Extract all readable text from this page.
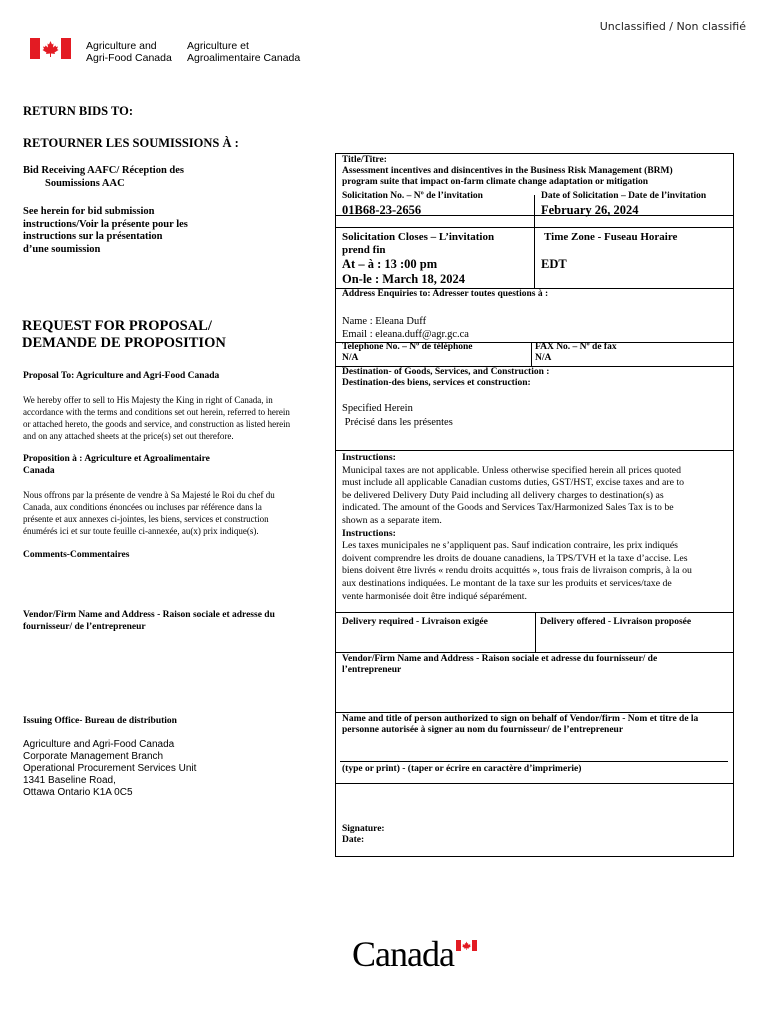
Unclassified / Non classifié
Agriculture and
Agri-Food Canada
Agriculture et
Agroalimentaire Canada
RETURN BIDS TO:
RETOURNER LES SOUMISSIONS À :
Bid Receiving AAFC/ Réception des
Soumissions AAC
See herein for bid submission
instructions/Voir la présente pour les
instructions sur la présentation
d’une soumission
REQUEST FOR PROPOSAL/
DEMANDE DE PROPOSITION
Proposal To: Agriculture and Agri-Food Canada
We hereby offer to sell to His Majesty the King in right of Canada, in
accordance with the terms and conditions set out herein, referred to herein
or attached hereto, the goods and service, and construction as listed herein
and on any attached sheets at the price(s) set out therefore.
Proposition à : Agriculture et Agroalimentaire
Canada
Nous offrons par la présente de vendre à Sa Majesté le Roi du chef du
Canada, aux conditions énoncées ou incluses par référence dans la
présente et aux annexes ci-jointes, les biens, services et construction
énumérés ici et sur toute feuille ci-annexée, au(x) prix indique(s).
Comments-Commentaires
Vendor/Firm Name and Address - Raison sociale et adresse du
fournisseur/ de l’entrepreneur
Issuing Office- Bureau de distribution
Agriculture and Agri-Food Canada
Corporate Management Branch
Operational Procurement Services Unit
1341 Baseline Road,
Ottawa Ontario K1A 0C5
Title/Titre:
Assessment incentives and disincentives in the Business Risk Management (BRM)
program suite that impact on-farm climate change adaptation or mitigation
Solicitation No. – Nº de l’invitation	Date of Solicitation – Date de l’invitation
01B68-23-2656	February 26, 2024
Solicitation Closes – L’invitation
prend fin
At – à : 13 :00 pm
On-le : March 18, 2024
Time Zone - Fuseau Horaire
EDT
Address Enquiries to: Adresser toutes questions à :
Name : Eleana Duff
Email : eleana.duff@agr.gc.ca
Telephone No. – Nº de téléphone
N/A
FAX No. – Nº de fax
N/A
Destination- of Goods, Services, and Construction :
Destination-des biens, services et construction:
Specified Herein
Précisé dans les présentes
Instructions:
Municipal taxes are not applicable. Unless otherwise specified herein all prices quoted
must include all applicable Canadian customs duties, GST/HST, excise taxes and are to
be delivered Delivery Duty Paid including all delivery charges to destination(s) as
indicated. The amount of the Goods and Services Tax/Harmonized Sales Tax is to be
shown as a separate item.
Instructions:
Les taxes municipales ne s’appliquent pas. Sauf indication contraire, les prix indiqués
doivent comprendre les droits de douane canadiens, la TPS/TVH et la taxe d’accise. Les
biens doivent être livrés « rendu droits acquittés », tous frais de livraison compris, à la ou
aux destinations indiquées. Le montant de la taxe sur les produits et services/taxe de
vente harmonisée doit être indiqué séparément.
Delivery required - Livraison exigée	Delivery offered - Livraison proposée
Vendor/Firm Name and Address - Raison sociale et adresse du fournisseur/ de
l’entrepreneur
Name and title of person authorized to sign on behalf of Vendor/firm - Nom et titre de la
personne autorisée à signer au nom du fournisseur/ de l’entrepreneur
(type or print) - (taper or écrire en caractère d’imprimerie)
Signature:
Date:
Canada
